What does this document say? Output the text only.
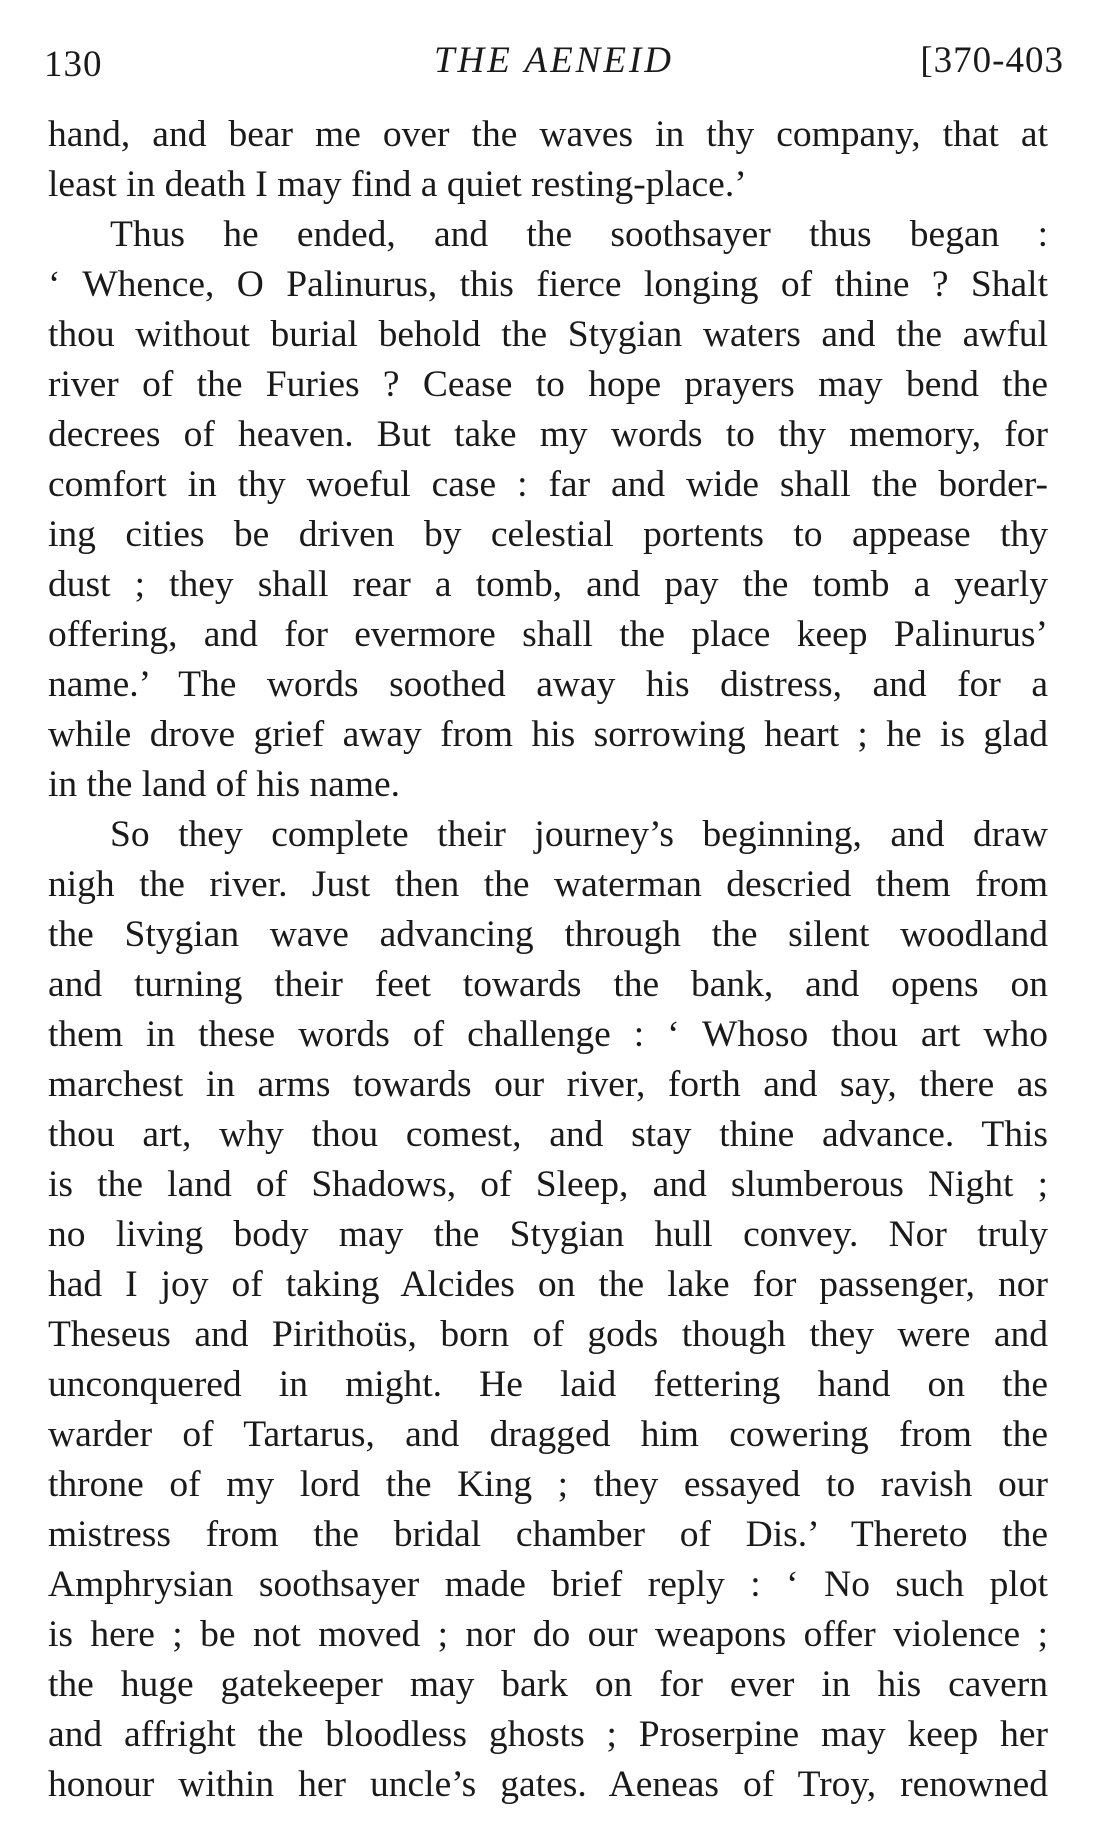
130	THE AENEID	[370-403
hand, and bear me over the waves in thy company, that at
least in death I may find a quiet resting-place.’
Thus he ended, and the soothsayer thus began :
‘ Whence, O Palinurus, this fierce longing of thine ? Shalt
thou without burial behold the Stygian waters and the awful
river of the Furies ? Cease to hope prayers may bend the
decrees of heaven. But take my words to thy memory, for
comfort in thy woeful case : far and wide shall the border-
ing cities be driven by celestial portents to appease thy
dust ; they shall rear a tomb, and pay the tomb a yearly
offering, and for evermore shall the place keep Palinurus’
name.’ The words soothed away his distress, and for a
while drove grief away from his sorrowing heart ; he is glad
in the land of his name.
So they complete their journey’s beginning, and draw
nigh the river. Just then the waterman descried them from
the Stygian wave advancing through the silent woodland
and turning their feet towards the bank, and opens on
them in these words of challenge : ‘ Whoso thou art who
marchest in arms towards our river, forth and say, there as
thou art, why thou comest, and stay thine advance. This
is the land of Shadows, of Sleep, and slumberous Night ;
no living body may the Stygian hull convey. Nor truly
had I joy of taking Alcides on the lake for passenger, nor
Theseus and Pirithoüs, born of gods though they were and
unconquered in might. He laid fettering hand on the
warder of Tartarus, and dragged him cowering from the
throne of my lord the King ; they essayed to ravish our
mistress from the bridal chamber of Dis.’ Thereto the
Amphrysian soothsayer made brief reply : ‘ No such plot
is here ; be not moved ; nor do our weapons offer violence ;
the huge gatekeeper may bark on for ever in his cavern
and affright the bloodless ghosts ; Proserpine may keep her
honour within her uncle’s gates. Aeneas of Troy, renowned
